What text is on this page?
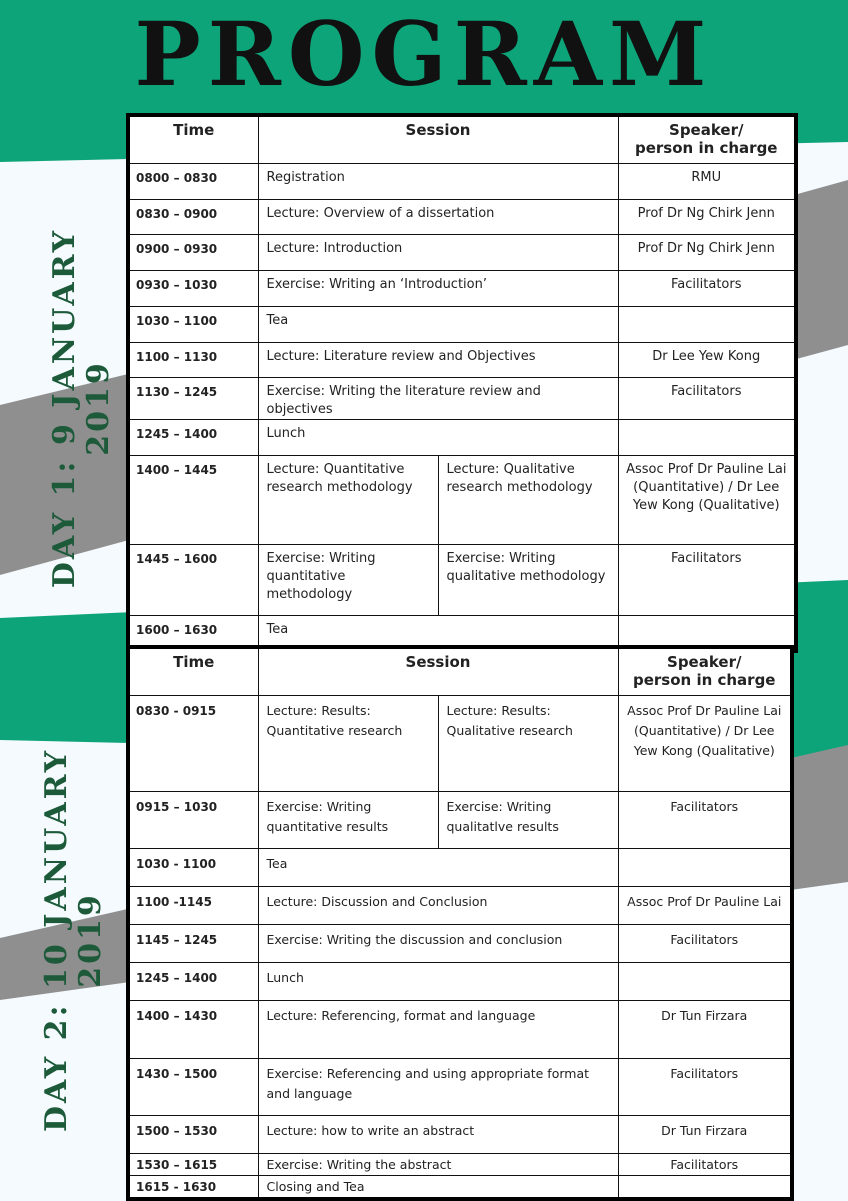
PROGRAM
DAY 1: 9 JANUARY 2019
DAY 2: 10 JANUARY 2019
Time	Session		Speaker/
person in charge
0800 – 0830	Registration		RMU
0830 – 0900	Lecture: Overview of a dissertation		Prof Dr Ng Chirk Jenn
0900 – 0930	Lecture: Introduction		Prof Dr Ng Chirk Jenn
0930 – 1030	Exercise: Writing an ‘Introduction’		Facilitators
1030 – 1100	Tea		
1100 – 1130	Lecture: Literature review and Objectives		Dr Lee Yew Kong
1130 – 1245	Exercise: Writing the literature review and objectives		Facilitators
1245 – 1400	Lunch		
1400 – 1445	Lecture: Quantitative research methodology	Lecture: Qualitative research methodology	Assoc Prof Dr Pauline Lai (Quantitative) / Dr Lee Yew Kong (Qualitative)
1445 – 1600	Exercise: Writing quantitative methodology	Exercise: Writing qualitative methodology	Facilitators
1600 – 1630	Tea		
Time	Session		Speaker/
person in charge
0830 - 0915	Lecture: Results: Quantitative research	Lecture: Results: Qualitative research	Assoc Prof Dr Pauline Lai (Quantitative) / Dr Lee Yew Kong (Qualitative)
0915 – 1030	Exercise: Writing quantitative results	Exercise: Writing qualitatlve results	Facilitators
1030 - 1100	Tea		
1100 -1145	Lecture: Discussion and Conclusion		Assoc Prof Dr Pauline Lai
1145 – 1245	Exercise: Writing the discussion and conclusion		Facilitators
1245 – 1400	Lunch		
1400 – 1430	Lecture: Referencing, format and language		Dr Tun Firzara
1430 – 1500	Exercise: Referencing and using appropriate format and language		Facilitators
1500 – 1530	Lecture: how to write an abstract		Dr Tun Firzara
1530 – 1615	Exercise: Writing the abstract		Facilitators
1615 - 1630	Closing and Tea		
